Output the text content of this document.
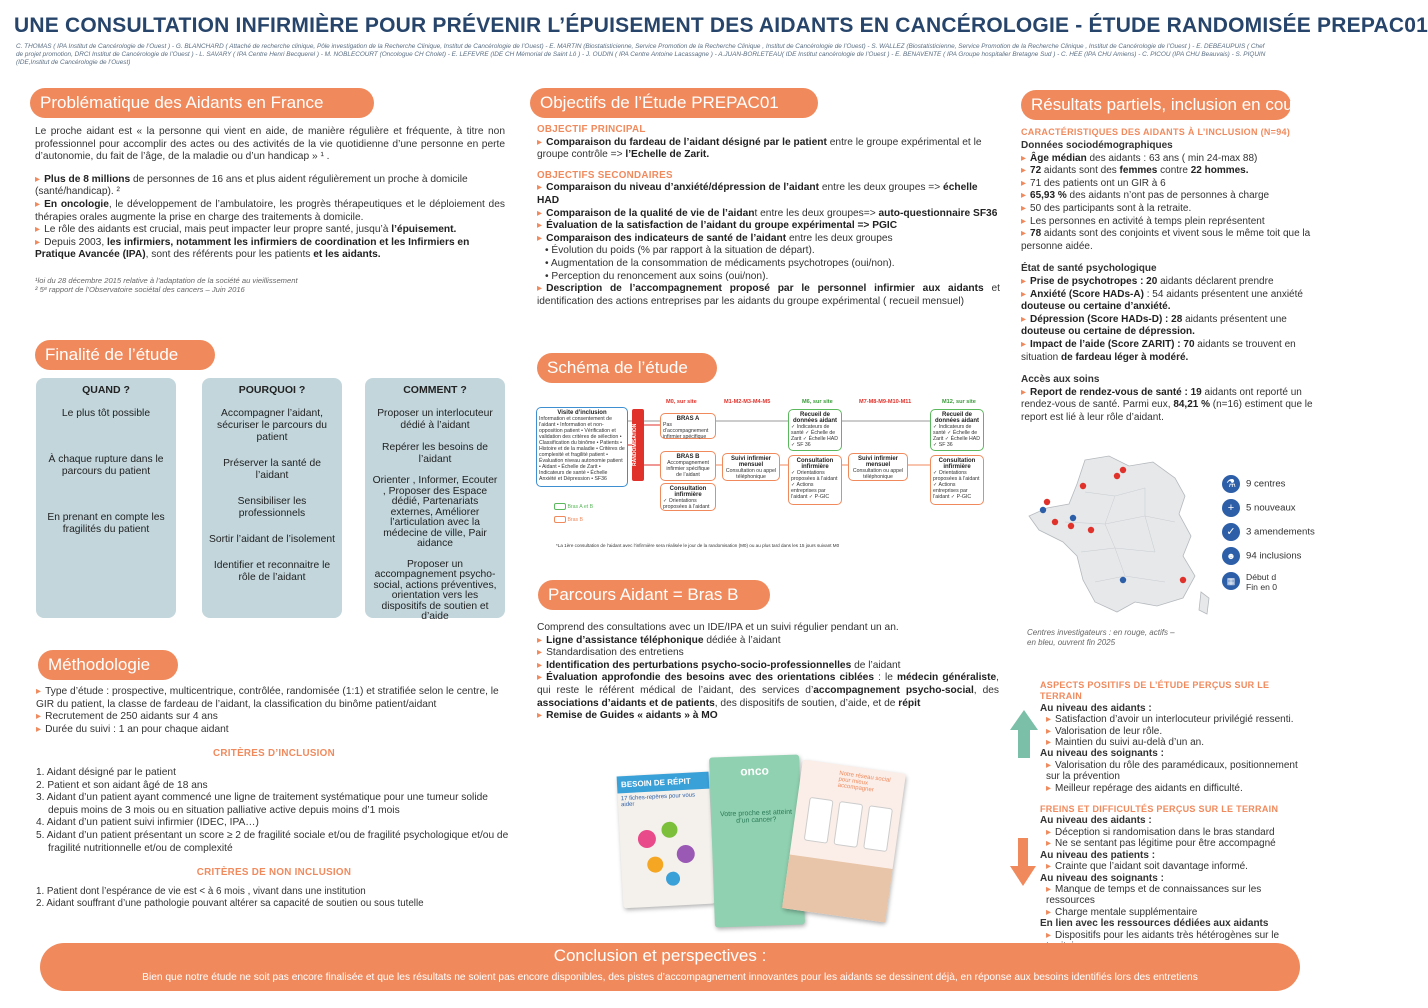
UNE CONSULTATION INFIRMIÈRE POUR PRÉVENIR L’ÉPUISEMENT DES AIDANTS EN CANCÉROLOGIE - ÉTUDE RANDOMISÉE PREPAC01
C. THOMAS ( IPA Institut de Cancérologie de l’Ouest ) - G. BLANCHARD ( Attaché de recherche clinique, Pôle investigation de la Recherche Clinique, Institut de Cancérologie de l’Ouest) - E. MARTIN (Biostatisticienne, Service Promotion de la Recherche Clinique , Institut de Cancérologie de l’Ouest) - S. WALLEZ (Biostatisticienne, Service Promotion de la Recherche Clinique , Institut de Cancérologie de l’Ouest ) - E. DEBEAUPUIS ( Chef de projet promotion, DRCI Institut de Cancérologie de l’Ouest ) - L. SAVARY ( IPA Centre Henri Becquerel ) - M. NOBLECOURT (Oncologue CH Cholet) - E. LEFEVRE (IDE CH Mémorial de Saint Lô ) - J. OUDIN ( IPA Centre Antoine Lacassagne ) - A.JUAN-BORLETEAU( IDE Institut cancérologie de l’Ouest ) - E. BENAVENTE ( IPA Groupe hospitalier Bretagne Sud ) - C. HEE (IPA CHU Amiens) - C. PICOU (IPA CHU Beauvais) - S. PIQUIN (IDE,Institut de Cancérologie de l’Ouest)
Problématique des Aidants en France

Le proche aidant est « la personne qui vient en aide, de manière régulière et fréquente, à titre non professionnel pour accomplir des actes ou des activités de la vie quotidienne d’une personne en perte d’autonomie, du fait de l’âge, de la maladie ou d’un handicap » ¹ .

▸ Plus de 8 millions de personnes de 16 ans et plus aident régulièrement un proche à domicile (santé/handicap). ²
▸ En oncologie, le développement de l’ambulatoire, les progrès thérapeutiques et le déploiement des thérapies orales augmente la prise en charge des traitements à domicile.
▸ Le rôle des aidants est crucial, mais peut impacter leur propre santé, jusqu’à l’épuisement.
▸ Depuis 2003, les infirmiers, notamment les infirmiers de coordination et les Infirmiers en Pratique Avancée (IPA), sont des référents pour les patients et les aidants.

¹loi du 28 décembre 2015 relative à l’adaptation de la société au vieillissement

² 5ᵉ rapport de l’Observatoire sociétal des cancers – Juin 2016

Finalité de l’étude
QUAND ?
Le plus tôt possible
À chaque rupture dans le parcours du patient
En prenant en compte les fragilités du patient
POURQUOI ?
Accompagner l’aidant, sécuriser le parcours du patient
Préserver la santé de l’aidant
Sensibiliser les professionnels
Sortir l’aidant de l’isolement
Identifier et reconnaitre le rôle de l’aidant
COMMENT ?
Proposer un interlocuteur dédié à l’aidant
Repérer les besoins de l’aidant
Orienter , Informer, Ecouter , Proposer des Espace dédié, Partenariats externes, Améliorer l’articulation avec la médecine de ville, Pair aidance
Proposer un accompagnement psycho-social, actions préventives, orientation vers les dispositifs de soutien et d’aide
Méthodologie
▸ Type d’étude : prospective, multicentrique, contrôlée, randomisée (1:1) et stratifiée selon le centre, le GIR du patient, la classe de fardeau de l’aidant, la classification du binôme patient/aidant
▸ Recrutement de 250 aidants sur 4 ans
▸ Durée du suivi : 1 an pour chaque aidant

CRITÈRES D’INCLUSION

1. Aidant désigné par le patient
2. Patient et son aidant âgé de 18 ans
3. Aidant d’un patient ayant commencé une ligne de traitement systématique pour une tumeur solide depuis moins de 3 mois ou en situation palliative active depuis moins d’1 mois
4. Aidant d’un patient suivi infirmier (IDEC, IPA…)
5. Aidant d’un patient présentant un score ≥ 2 de fragilité sociale et/ou de fragilité psychologique et/ou de fragilité nutritionnelle et/ou de complexité

CRITÈRES DE NON INCLUSION

1. Patient dont l’espérance de vie est < à 6 mois , vivant dans une institution
2. Aidant souffrant d’une pathologie pouvant altérer sa capacité de soutien ou sous tutelle
Objectifs de l’Étude PREPAC01

OBJECTIF PRINCIPAL

▸ Comparaison du fardeau de l’aidant désigné par le patient entre le groupe expérimental et le groupe contrôle => l’Echelle de Zarit.

OBJECTIFS SECONDAIRES

▸ Comparaison du niveau d’anxiété/dépression de l’aidant entre les deux groupes => échelle HAD
▸ Comparaison de la qualité de vie de l’aidant entre les deux groupes=> auto-questionnaire SF36
▸ Évaluation de la satisfaction de l’aidant du groupe expérimental => PGIC
▸ Comparaison des indicateurs de santé de l’aidant entre les deux groupes
• Évolution du poids (% par rapport à la situation de départ).
• Augmentation de la consommation de médicaments psychotropes (oui/non).
• Perception du renoncement aux soins (oui/non).
▸ Description de l’accompagnement proposé par le personnel infirmier aux aidants et identification des actions entreprises par les aidants du groupe expérimental ( recueil mensuel)
Schéma de l’étude
M0, sur site	M1-M2-M3-M4-M5	M6, sur site	M7-M8-M9-M10-M11	M12, sur site
Visite d’inclusion
Information et consentement de l’aidant • Information et non-opposition patient • Vérification et validation des critères de sélection • Classification du binôme • Patients • Histoire et de la maladie • Critères de complexité et fragilité patient • Évaluation niveau autonomie patient • Aidant • Échelle de Zarit • Indicateurs de santé • Échelle Anxiété et Dépression • SF36
RANDOMISATION
BRAS A
Pas d’accompagnement infirmier spécifique
BRAS B
Accompagnement infirmier spécifique de l’aidant
Consultation infirmière
✓ Orientations proposées à l’aidant
Suivi infirmier mensuel
Consultation ou appel téléphonique
Recueil de données aidant
✓ Indicateurs de santé ✓ Échelle de Zarit ✓ Échelle HAD ✓ SF 36
Consultation infirmière
✓ Orientations proposées à l’aidant ✓ Actions entreprises par l’aidant ✓ P-GIC
Suivi infirmier mensuel
Consultation ou appel téléphonique
Recueil de données aidant
✓ Indicateurs de santé ✓ Échelle de Zarit ✓ Échelle HAD ✓ SF 36
Consultation infirmière
✓ Orientations proposées à l’aidant ✓ Actions entreprises par l’aidant ✓ P-GIC
Bras A et B
Bras B
*La 1ère consultation de l’aidant avec l’infirmière sera réalisée le jour de la randomisation (M0) ou au plus tard dans les 15 jours suivant M0
Parcours Aidant = Bras B

Comprend des consultations avec un IDE/IPA et un suivi régulier pendant un an.

▸ Ligne d’assistance téléphonique dédiée à l’aidant
▸ Standardisation des entretiens
▸ Identification des perturbations psycho-socio-professionnelles de l’aidant
▸ Évaluation approfondie des besoins avec des orientations ciblées : le médecin généraliste, qui reste le référent médical de l’aidant, des services d’accompagnement psycho-social, des associations d’aidants et de patients, des dispositifs de soutien, d’aide, et de répit
▸ Remise de Guides « aidants » à MO
BESOIN DE RÉPIT
17 fiches-repères pour vous aider
onco
Votre proche est atteint d’un cancer?
Notre réseau social pour mieux accompagner
Résultats partiels, inclusion en cours

CARACTÉRISTIQUES DES AIDANTS À L’INCLUSION (N=94)

Données sociodémographiques

▸ Âge médian des aidants : 63 ans ( min 24-max 88)
▸ 72 aidants sont des femmes contre 22 hommes.
▸ 71 des patients ont un GIR à 6
▸ 65,93 % des aidants n’ont pas de personnes à charge
▸ 50 des participants sont à la retraite.
▸ Les personnes en activité à temps plein représentent
▸ 78 aidants sont des conjoints et vivent sous le même toit que la personne aidée.

État de santé psychologique

▸ Prise de psychotropes : 20 aidants déclarent prendre
▸ Anxiété (Score HADs-A) : 54 aidants présentent une anxiété douteuse ou certaine d’anxiété.
▸ Dépression (Score HADs-D) : 28 aidants présentent une douteuse ou certaine de dépression.
▸ Impact de l’aide (Score ZARIT) : 70 aidants se trouvent en situation de fardeau léger à modéré.

Accès aux soins

▸ Report de rendez-vous de santé : 19 aidants ont reporté un rendez-vous de santé. Parmi eux, 84,21 % (n=16) estiment que le report est lié à leur rôle d’aidant.
Centres investigateurs : en rouge, actifs – en bleu, ouvrent fin 2025
⚗ 9 centres
+ 5 nouveaux
✓ 3 amendements
☻ 94 inclusions
▦	Début d
Fin en 0

ASPECTS POSITIFS DE L’ÉTUDE PERÇUS SUR LE TERRAIN

Au niveau des aidants :

▸ Satisfaction d’avoir un interlocuteur privilégié ressenti.
▸ Valorisation de leur rôle.
▸ Maintien du suivi au-delà d’un an.

Au niveau des soignants :

▸ Valorisation du rôle des paramédicaux, positionnement sur la prévention
▸ Meilleur repérage des aidants en difficulté.

FREINS ET DIFFICULTÉS PERÇUS SUR LE TERRAIN

Au niveau des aidants :

▸ Déception si randomisation dans le bras standard
▸ Ne se sentant pas légitime pour être accompagné

Au niveau des patients :

▸ Crainte que l’aidant soit davantage informé.

Au niveau des soignants :

▸ Manque de temps et de connaissances sur les ressources
▸ Charge mentale supplémentaire

En lien avec les ressources dédiées aux aidants

▸ Dispositifs pour les aidants très hétérogènes sur le
Conclusion et perspectives :
Bien que notre étude ne soit pas encore finalisée et que les résultats ne soient pas encore disponibles, des pistes d’accompagnement innovantes pour les aidants se dessinent déjà, en réponse aux besoins identifiés lors des entretiens
